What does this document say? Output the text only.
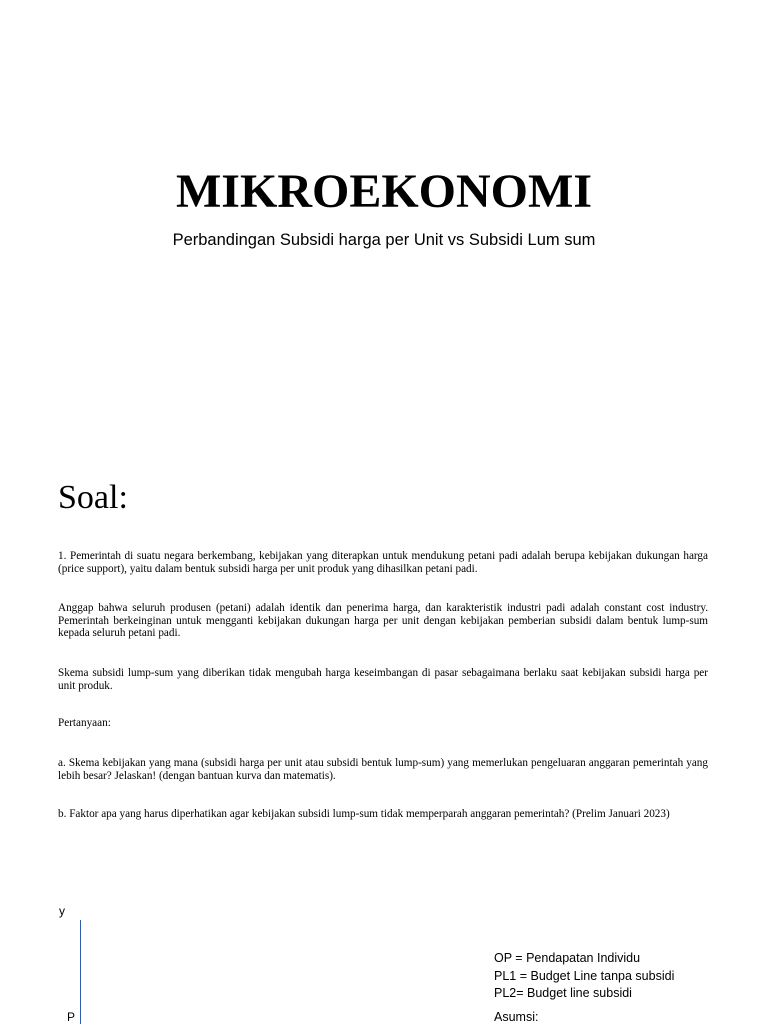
MIKROEKONOMI

Perbandingan Subsidi harga per Unit vs Subsidi Lum sum

Soal:

1. Pemerintah di suatu negara berkembang, kebijakan yang diterapkan untuk mendukung petani padi adalah berupa kebijakan dukungan harga (price support), yaitu dalam bentuk subsidi harga per unit produk yang dihasilkan petani padi.

Anggap bahwa seluruh produsen (petani) adalah identik dan penerima harga, dan karakteristik industri padi adalah constant cost industry. Pemerintah berkeinginan untuk mengganti kebijakan dukungan harga per unit dengan kebijakan pemberian subsidi dalam bentuk lump-sum kepada seluruh petani padi.

Skema subsidi lump-sum yang diberikan tidak mengubah harga keseimbangan di pasar sebagaimana berlaku saat kebijakan subsidi harga per unit produk.

Pertanyaan:

a. Skema kebijakan yang mana (subsidi harga per unit atau subsidi bentuk lump-sum) yang memerlukan pengeluaran anggaran pemerintah yang lebih besar? Jelaskan! (dengan bantuan kurva dan matematis).

b. Faktor apa yang harus diperhatikan agar kebijakan subsidi lump-sum tidak memperparah anggaran pemerintah? (Prelim Januari 2023)

y
P
OP = Pendapatan Individu
PL1 = Budget Line tanpa subsidi
PL2= Budget line subsidi
Asumsi:
